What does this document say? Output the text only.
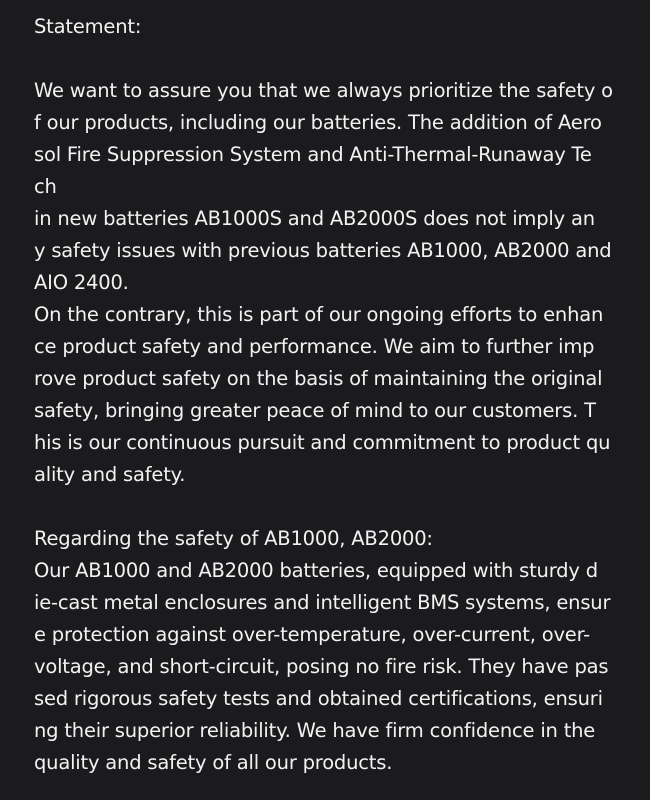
Statement:
We want to assure you that we always prioritize the safety o
f our products, including our batteries. The addition of Aero
sol Fire Suppression System and Anti-Thermal-Runaway Te
ch
in new batteries AB1000S and AB2000S does not imply an
y safety issues with previous batteries AB1000, AB2000 and
AIO 2400.
On the contrary, this is part of our ongoing efforts to enhan
ce product safety and performance. We aim to further imp
rove product safety on the basis of maintaining the original
safety, bringing greater peace of mind to our customers. T
his is our continuous pursuit and commitment to product qu
ality and safety.
Regarding the safety of AB1000, AB2000:
Our AB1000 and AB2000 batteries, equipped with sturdy d
ie-cast metal enclosures and intelligent BMS systems, ensur
e protection against over-temperature, over-current, over-
voltage, and short-circuit, posing no fire risk. They have pas
sed rigorous safety tests and obtained certifications, ensuri
ng their superior reliability. We have firm confidence in the
quality and safety of all our products.
